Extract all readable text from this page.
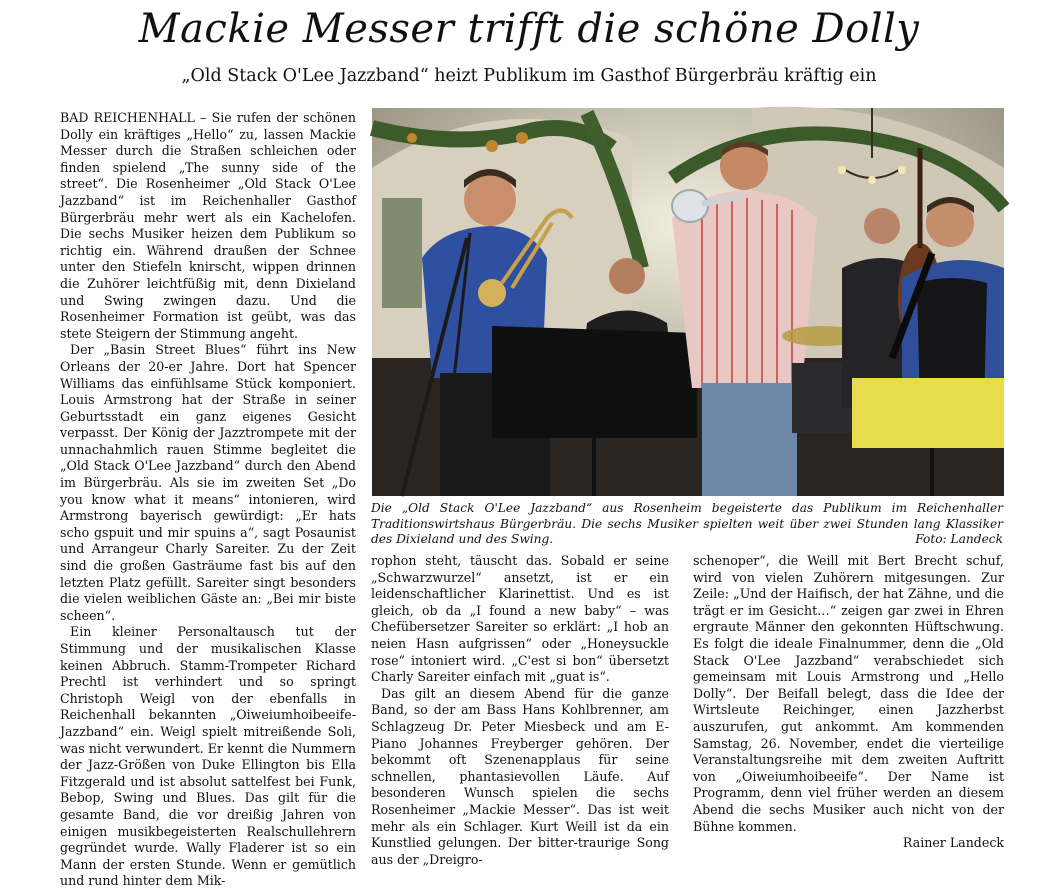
Mackie Messer trifft die schöne Dolly
„Old Stack O'Lee Jazzband“ heizt Publikum im Gasthof Bürgerbräu kräftig ein

BAD REICHENHALL – Sie rufen der schönen Dolly ein kräftiges „Hello“ zu, lassen Mackie Messer durch die Straßen schleichen oder finden spielend „The sunny side of the street“. Die Rosenheimer „Old Stack O'Lee Jazzband“ ist im Reichenhaller Gasthof Bürgerbräu mehr wert als ein Kachelofen. Die sechs Musiker heizen dem Publikum so richtig ein. Während draußen der Schnee unter den Stiefeln knirscht, wippen drinnen die Zuhörer leichtfüßig mit, denn Dixieland und Swing zwingen dazu. Und die Rosenheimer Formation ist geübt, was das stete Steigern der Stimmung angeht.

Der „Basin Street Blues“ führt ins New Orleans der 20-er Jahre. Dort hat Spencer Williams das einfühlsame Stück komponiert. Louis Armstrong hat der Straße in seiner Geburtsstadt ein ganz eigenes Gesicht verpasst. Der König der Jazztrompete mit der unnachahmlich rauen Stimme begleitet die „Old Stack O'Lee Jazzband“ durch den Abend im Bürgerbräu. Als sie im zweiten Set „Do you know what it means“ intonieren, wird Armstrong bayerisch gewürdigt: „Er hats scho gspuit und mir spuins a“, sagt Posaunist und Arrangeur Charly Sareiter. Zu der Zeit sind die großen Gasträume fast bis auf den letzten Platz gefüllt. Sareiter singt besonders die vielen weiblichen Gäste an: „Bei mir biste scheen“.

Ein kleiner Personaltausch tut der Stimmung und der musikalischen Klasse keinen Abbruch. Stamm-Trompeter Richard Prechtl ist verhindert und so springt Christoph Weigl von der ebenfalls in Reichenhall bekannten „Oiweiumhoibeeife-Jazzband“ ein. Weigl spielt mitreißende Soli, was nicht verwundert. Er kennt die Nummern der Jazz-Größen von Duke Ellington bis Ella Fitzgerald und ist absolut sattelfest bei Funk, Bebop, Swing und Blues. Das gilt für die gesamte Band, die vor dreißig Jahren von einigen musikbegeisterten Realschullehrern gegründet wurde. Wally Fladerer ist so ein Mann der ersten Stunde. Wenn er gemütlich und rund hinter dem Mik-

Die „Old Stack O'Lee Jazzband“ aus Rosenheim begeisterte das Publikum im Reichenhaller Traditionswirtshaus Bürgerbräu. Die sechs Musiker spielten weit über zwei Stunden lang Klassiker des Dixieland und des Swing.	Foto: Landeck

rophon steht, täuscht das. Sobald er seine „Schwarzwurzel“ ansetzt, ist er ein leidenschaftlicher Klarinettist. Und es ist gleich, ob da „I found a new baby“ – was Chefübersetzer Sareiter so erklärt: „I hob an neien Hasn aufgrissen“ oder „Honeysuckle rose“ intoniert wird. „C'est si bon“ übersetzt Charly Sareiter einfach mit „guat is“.

Das gilt an diesem Abend für die ganze Band, so der am Bass Hans Kohlbrenner, am Schlagzeug Dr. Peter Miesbeck und am E-Piano Johannes Freyberger gehören. Der bekommt oft Szenenapplaus für seine schnellen, phantasievollen Läufe. Auf besonderen Wunsch spielen die sechs Rosenheimer „Mackie Messer“. Das ist weit mehr als ein Schlager. Kurt Weill ist da ein Kunstlied gelungen. Der bitter-traurige Song aus der „Dreigro-

schenoper“, die Weill mit Bert Brecht schuf, wird von vielen Zuhörern mitgesungen. Zur Zeile: „Und der Haifisch, der hat Zähne, und die trägt er im Gesicht…“ zeigen gar zwei in Ehren ergraute Männer den gekonnten Hüftschwung. Es folgt die ideale Finalnummer, denn die „Old Stack O'Lee Jazzband“ verabschiedet sich gemeinsam mit Louis Armstrong und „Hello Dolly“. Der Beifall belegt, dass die Idee der Wirtsleute Reichinger, einen Jazzherbst auszurufen, gut ankommt. Am kommenden Samstag, 26. November, endet die vierteilige Veranstaltungsreihe mit dem zweiten Auftritt von „Oiweiumhoibeeife“. Der Name ist Programm, denn viel früher werden an diesem Abend die sechs Musiker auch nicht von der Bühne kommen.

Rainer Landeck
